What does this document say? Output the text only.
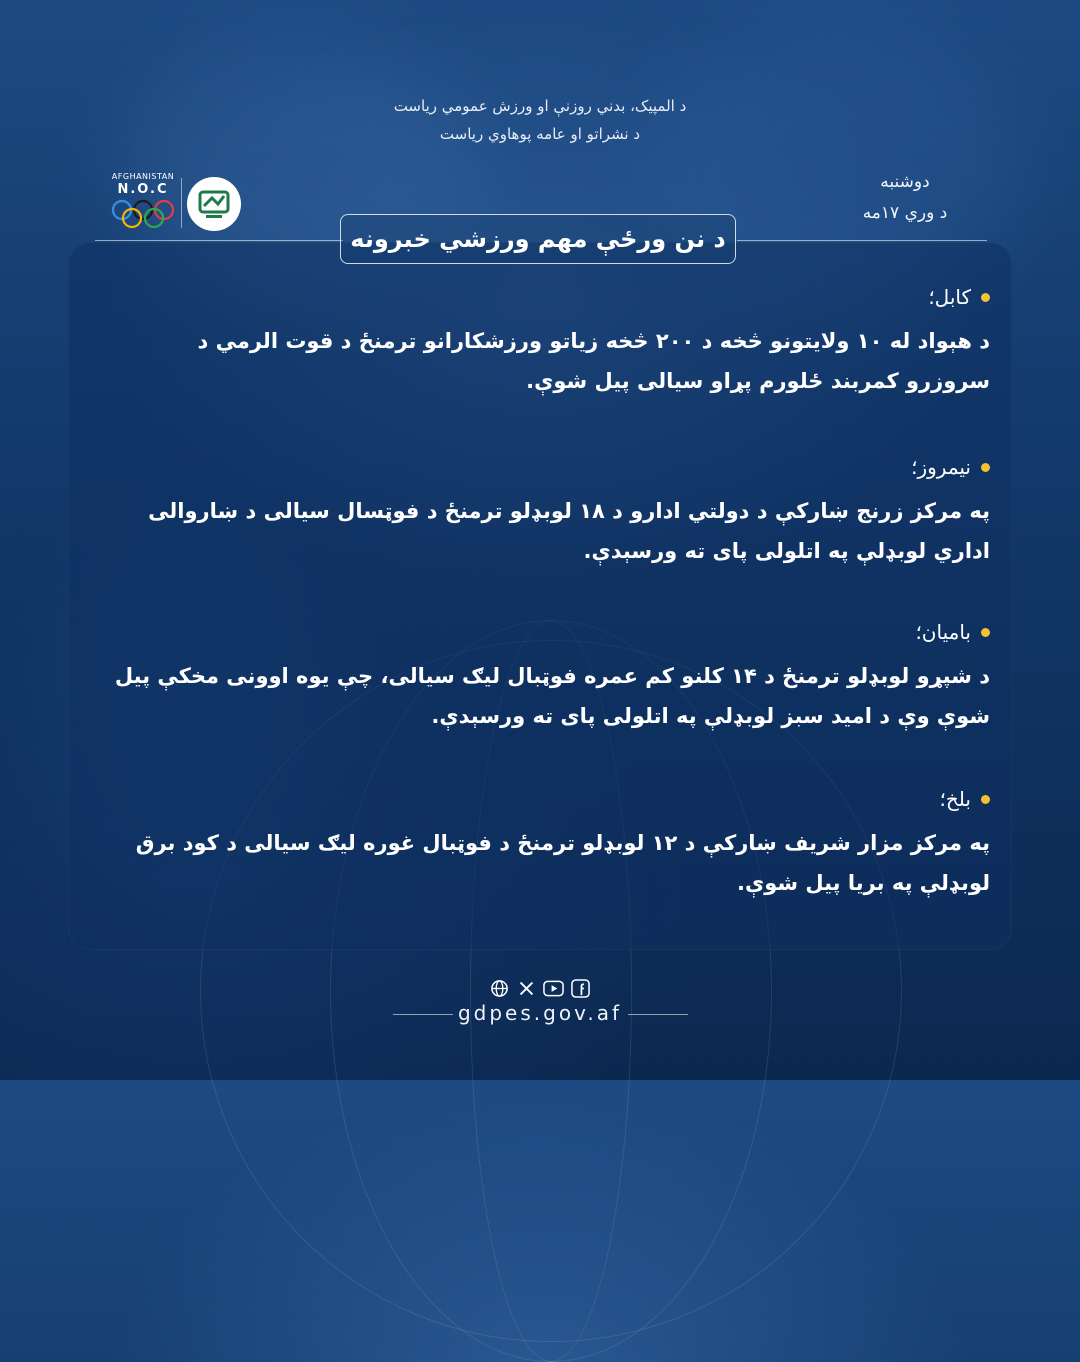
د المپیک، بدني روزنې او ورزش عمومي ریاست
د نشراتو او عامه پوهاوي ریاست
AFGHANISTAN
N.O.C	دوشنبه
د وري ۱۷مه
د نن ورځې مهم ورزشي خبرونه
کابل؛
د هېواد له ۱۰ ولایتونو څخه د ۲۰۰ څخه زیاتو ورزشکارانو ترمنځ د قوت الرمي د سروزرو کمربند ځلورم پړاو سیالی پیل شوې.
نیمروز؛
په مرکز زرنج ښارکې د دولتي ادارو د ۱۸ لوبډلو ترمنځ د فوټسال سیالی د ښاروالی اداري لوبډلې په اتلولی پای ته ورسېدې.
بامیان؛
د شپړو لوبډلو ترمنځ د ۱۴ کلنو کم عمره فوټبال لیګ سیالی، چې یوه اوونی مخکې پیل شوې وې د امید سبز لوبډلې په اتلولی پای ته ورسېدې.
بلخ؛
په مرکز مزار شریف ښارکې د ۱۲ لوبډلو ترمنځ د فوټبال غوره لیګ سیالی د کود برق لوبډلې په بریا پیل شوې.
gdpes.gov.af
